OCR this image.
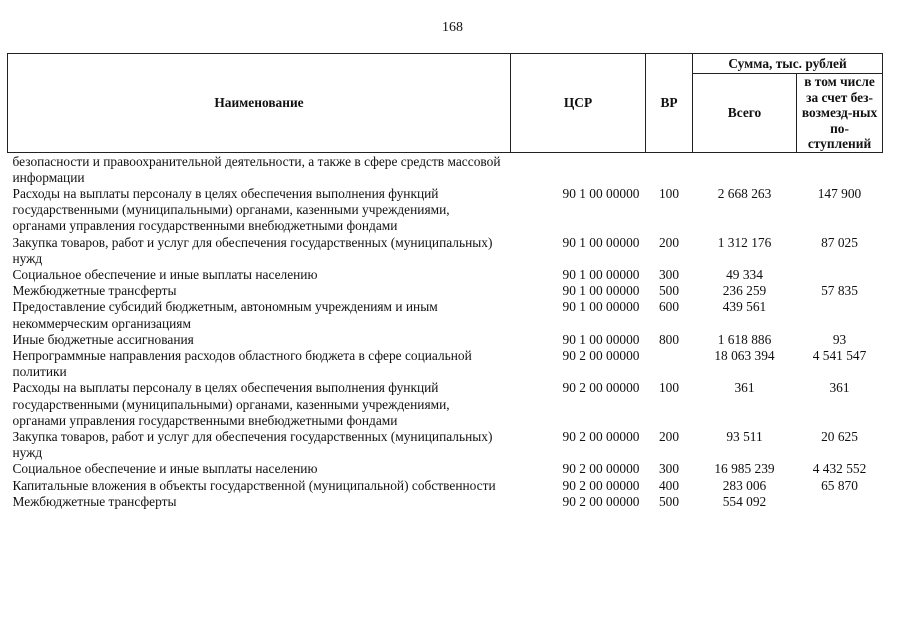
168
Наименование	ЦСР	ВР	Сумма, тыс. рублей	
			Всего	в том числе за счет без-возмезд-ных по-ступлений
безопасности и правоохранительной деятельности, а также в сфере средств массовой информации				
Расходы на выплаты персоналу в целях обеспечения выполнения функций государственными (муниципальными) органами, казенными учреждениями, органами управления государственными внебюджетными фондами	90 1 00 00000	100	2 668 263	147 900
Закупка товаров, работ и услуг для обеспечения государственных (муниципальных) нужд	90 1 00 00000	200	1 312 176	87 025
Социальное обеспечение и иные выплаты населению	90 1 00 00000	300	49 334	
Межбюджетные трансферты	90 1 00 00000	500	236 259	57 835
Предоставление субсидий бюджетным, автономным учреждениям и иным некоммерческим организациям	90 1 00 00000	600	439 561	
Иные бюджетные ассигнования	90 1 00 00000	800	1 618 886	93
Непрограммные направления расходов областного бюджета в сфере социальной политики	90 2 00 00000		18 063 394	4 541 547
Расходы на выплаты персоналу в целях обеспечения выполнения функций государственными (муниципальными) органами, казенными учреждениями, органами управления государственными внебюджетными фондами	90 2 00 00000	100	361	361
Закупка товаров, работ и услуг для обеспечения государственных (муниципальных) нужд	90 2 00 00000	200	93 511	20 625
Социальное обеспечение и иные выплаты населению	90 2 00 00000	300	16 985 239	4 432 552
Капитальные вложения в объекты государственной (муниципальной) собственности	90 2 00 00000	400	283 006	65 870
Межбюджетные трансферты	90 2 00 00000	500	554 092	
